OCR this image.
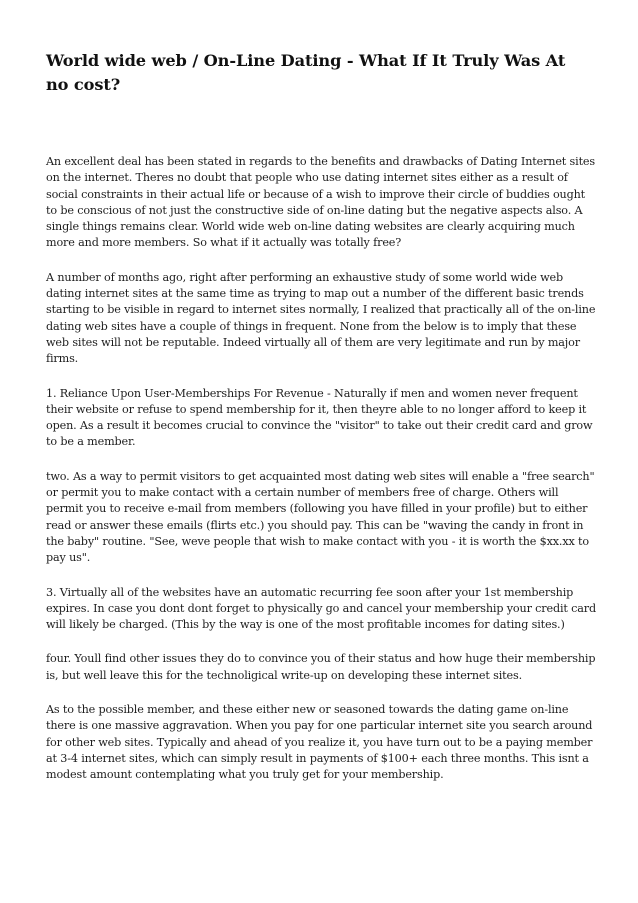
World wide web / On-Line Dating - What If It Truly Was At no cost?

An excellent deal has been stated in regards to the benefits and drawbacks of Dating Internet sites on the internet. Theres no doubt that people who use dating internet sites either as a result of social constraints in their actual life or because of a wish to improve their circle of buddies ought to be conscious of not just the constructive side of on-line dating but the negative aspects also. A single things remains clear. World wide web on-line dating websites are clearly acquiring much more and more members. So what if it actually was totally free?

A number of months ago, right after performing an exhaustive study of some world wide web dating internet sites at the same time as trying to map out a number of the different basic trends starting to be visible in regard to internet sites normally, I realized that practically all of the on-line dating web sites have a couple of things in frequent. None from the below is to imply that these web sites will not be reputable. Indeed virtually all of them are very legitimate and run by major firms.

1. Reliance Upon User-Memberships For Revenue - Naturally if men and women never frequent their website or refuse to spend membership for it, then theyre able to no longer afford to keep it open. As a result it becomes crucial to convince the "visitor" to take out their credit card and grow to be a member.

two. As a way to permit visitors to get acquainted most dating web sites will enable a "free search" or permit you to make contact with a certain number of members free of charge. Others will permit you to receive e-mail from members (following you have filled in your profile) but to either read or answer these emails (flirts etc.) you should pay. This can be "waving the candy in front in the baby" routine. "See, weve people that wish to make contact with you - it is worth the $xx.xx to pay us".

3. Virtually all of the websites have an automatic recurring fee soon after your 1st membership expires. In case you dont dont forget to physically go and cancel your membership your credit card will likely be charged. (This by the way is one of the most profitable incomes for dating sites.)

four. Youll find other issues they do to convince you of their status and how huge their membership is, but well leave this for the technoligical write-up on developing these internet sites.

As to the possible member, and these either new or seasoned towards the dating game on-line there is one massive aggravation. When you pay for one particular internet site you search around for other web sites. Typically and ahead of you realize it, you have turn out to be a paying member at 3-4 internet sites, which can simply result in payments of $100+ each three months. This isnt a modest amount contemplating what you truly get for your membership.
